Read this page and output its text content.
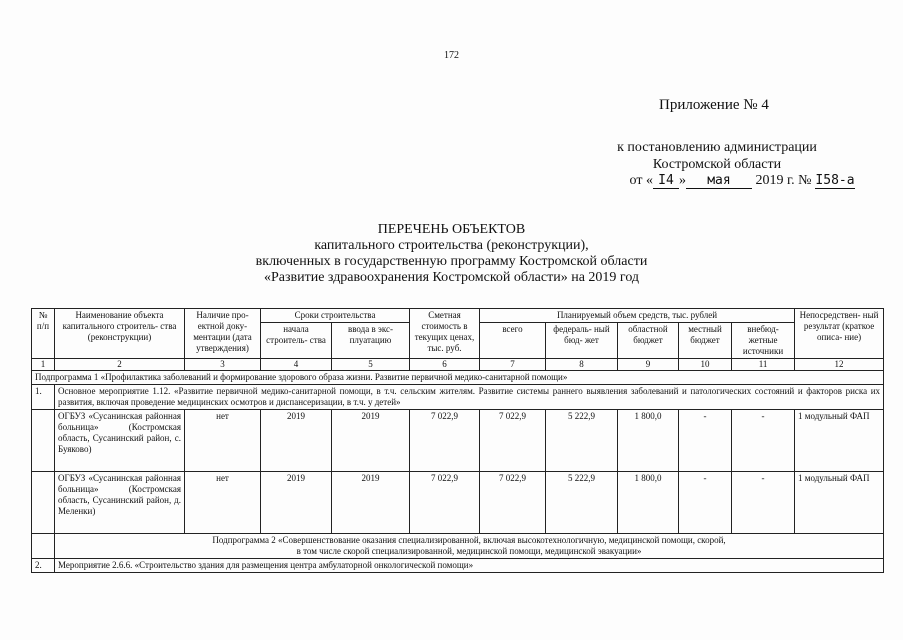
172
Приложение № 4
к постановлению администрации
Костромской области
от « I4 » мая 2019 г. № I58-а
ПЕРЕЧЕНЬ ОБЪЕКТОВ
капитального строительства (реконструкции),
включенных в государственную программу Костромской области
«Развитие здравоохранения Костромской области» на 2019 год
№ п/п	Наименование объекта капитального строитель- ства (реконструкции)	Наличие про- ектной доку- ментации (дата утверждения)	Сроки строительства		Сметная стоимость в текущих ценах, тыс. руб.	Планируемый объем средств, тыс. рублей					Непосредствен- ный результат (краткое описа- ние)
			начала строитель- ства	ввода в экс- плуатацию		всего	федераль- ный бюд- жет	областной бюджет	местный бюджет	внебюд- жетные источники	
1	2	3	4	5	6	7	8	9	10	11	12
Подпрограмма 1 «Профилактика заболеваний и формирование здорового образа жизни. Развитие первичной медико-санитарной помощи»											
1.	Основное мероприятие 1.12. «Развитие первичной медико-санитарной помощи, в т.ч. сельским жителям. Развитие системы раннего выявления заболеваний и патологических состояний и факторов риска их развития, включая проведение медицинских осмотров и диспансеризации, в т.ч. у детей»										
	ОГБУЗ «Сусанинская районная больница» (Костромская область, Сусанинский район, с. Буяково)	нет	2019	2019	7 022,9	7 022,9	5 222,9	1 800,0	-	-	1 модульный ФАП
	ОГБУЗ «Сусанинская районная больница» (Костромская область, Сусанинский район, д. Меленки)	нет	2019	2019	7 022,9	7 022,9	5 222,9	1 800,0	-	-	1 модульный ФАП

	Подпрограмма 2 «Совершенствование оказания специализированной, включая высокотехнологичную, медицинской помощи, скорой,
в том числе скорой специализированной, медицинской помощи, медицинской эвакуации»										

2.	Мероприятие 2.6.6. «Строительство здания для размещения центра амбулаторной онкологической помощи»										
